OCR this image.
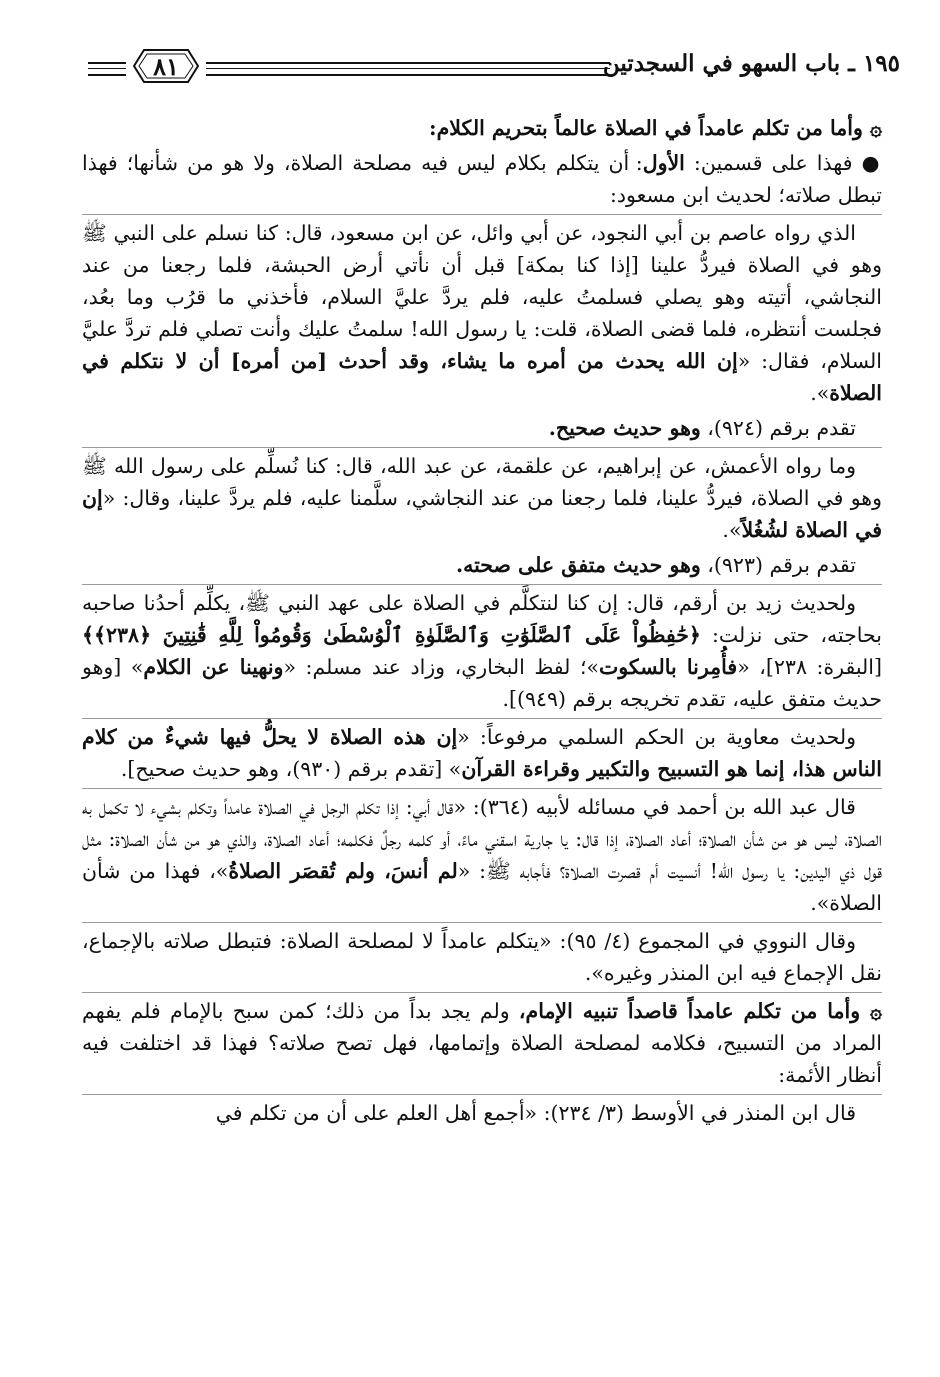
١٩٥ ـ باب السهو في السجدتين
٨١

۞ وأما من تكلم عامداً في الصلاة عالماً بتحريم الكلام:

● فهذا على قسمين: الأول: أن يتكلم بكلام ليس فيه مصلحة الصلاة، ولا هو من شأنها؛ فهذا تبطل صلاته؛ لحديث ابن مسعود:

الذي رواه عاصم بن أبي النجود، عن أبي وائل، عن ابن مسعود، قال: كنا نسلم على النبي ﷺ وهو في الصلاة فيردُّ علينا [إذا كنا بمكة] قبل أن نأتي أرض الحبشة، فلما رجعنا من عند النجاشي، أتيته وهو يصلي فسلمتُ عليه، فلم يردَّ عليَّ السلام، فأخذني ما قرُب وما بعُد، فجلست أنتظره، فلما قضى الصلاة، قلت: يا رسول الله! سلمتُ عليك وأنت تصلي فلم تردَّ عليَّ السلام، فقال: «إن الله يحدث من أمره ما يشاء، وقد أحدث [من أمره] أن لا نتكلم في الصلاة».

تقدم برقم (٩٢٤)، وهو حديث صحيح.

وما رواه الأعمش، عن إبراهيم، عن علقمة، عن عبد الله، قال: كنا نُسلِّم على رسول الله ﷺ وهو في الصلاة، فيردُّ علينا، فلما رجعنا من عند النجاشي، سلَّمنا عليه، فلم يردَّ علينا، وقال: «إن في الصلاة لشُغُلاً».

تقدم برقم (٩٢٣)، وهو حديث متفق على صحته.

ولحديث زيد بن أرقم، قال: إن كنا لنتكلَّم في الصلاة على عهد النبي ﷺ، يكلِّم أحدُنا صاحبه بحاجته، حتى نزلت: ﴿حَٰفِظُواْ عَلَى ٱلصَّلَوَٰتِ وَٱلصَّلَوٰةِ ٱلْوُسْطَىٰ وَقُومُواْ لِلَّهِ قَٰنِتِينَ ﴿٢٣٨﴾﴾ [البقرة: ٢٣٨]، «فأُمِرنا بالسكوت»؛ لفظ البخاري، وزاد عند مسلم: «ونهينا عن الكلام» [وهو حديث متفق عليه، تقدم تخريجه برقم (٩٤٩)].

ولحديث معاوية بن الحكم السلمي مرفوعاً: «إن هذه الصلاة لا يحلُّ فيها شيءٌ من كلام الناس هذا، إنما هو التسبيح والتكبير وقراءة القرآن» [تقدم برقم (٩٣٠)، وهو حديث صحيح].

قال عبد الله بن أحمد في مسائله لأبيه (٣٦٤): «قال أبي: إذا تكلم الرجل في الصلاة عامداً وتكلم بشيء لا تكمل به الصلاة، ليس هو من شأن الصلاة؛ أعاد الصلاة، إذا قال: يا جارية اسقني ماءً، أو كلمه رجلٌ فكلمه؛ أعاد الصلاة، والذي هو من شأن الصلاة: مثل قول ذي اليدين: يا رسول الله! أنسيت أم قصرت الصلاة؟ فأجابه ﷺ: «لم أنسَ، ولم تُقصَر الصلاةُ»، فهذا من شأن الصلاة».

وقال النووي في المجموع (٤/ ٩٥): «يتكلم عامداً لا لمصلحة الصلاة: فتبطل صلاته بالإجماع، نقل الإجماع فيه ابن المنذر وغيره».

۞ وأما من تكلم عامداً قاصداً تنبيه الإمام، ولم يجد بداً من ذلك؛ كمن سبح بالإمام فلم يفهم المراد من التسبيح، فكلامه لمصلحة الصلاة وإتمامها، فهل تصح صلاته؟ فهذا قد اختلفت فيه أنظار الأئمة:

قال ابن المنذر في الأوسط (٣/ ٢٣٤): «أجمع أهل العلم على أن من تكلم في
